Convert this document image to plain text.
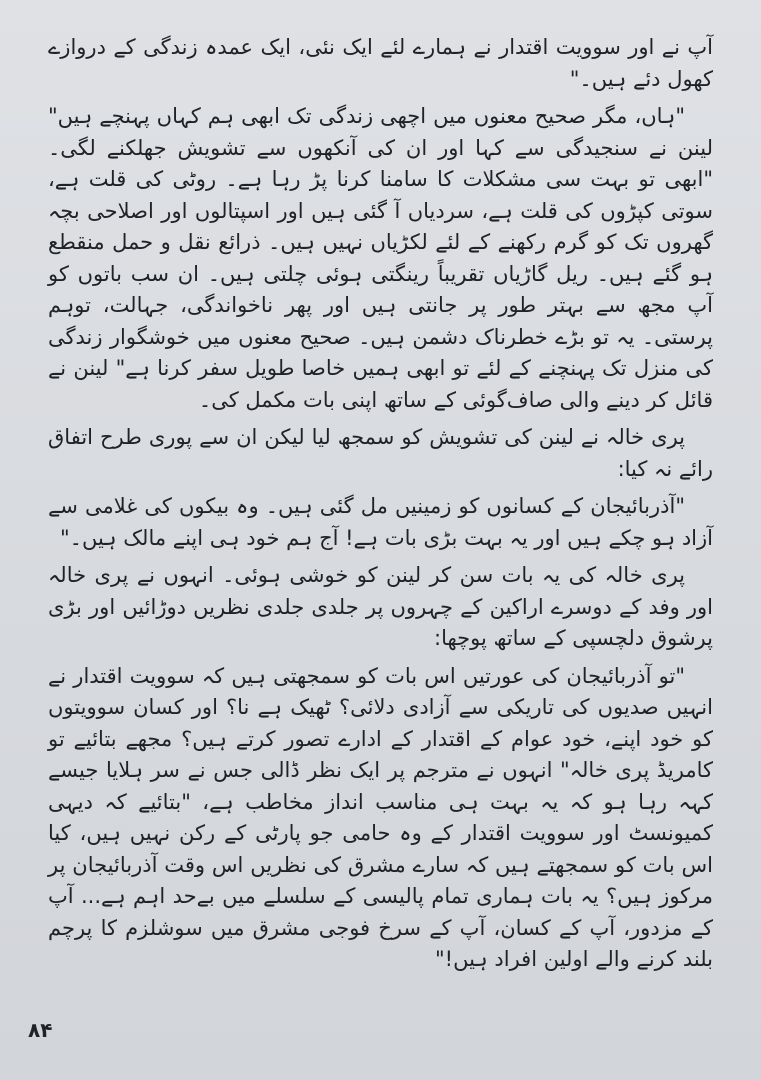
آپ نے اور سوویت اقتدار نے ہمارے لئے ایک نئی، ایک عمدہ زندگی کے دروازے کھول دئے ہیں۔"

"ہاں، مگر صحیح معنوں میں اچھی زندگی تک ابھی ہم کہاں پہنچے ہیں" لینن نے سنجیدگی سے کہا اور ان کی آنکھوں سے تشویش جھلکنے لگی۔ "ابھی تو بہت سی مشکلات کا سامنا کرنا پڑ رہا ہے۔ روٹی کی قلت ہے، سوتی کپڑوں کی قلت ہے، سردیاں آ گئی ہیں اور اسپتالوں اور اصلاحی بچہ گھروں تک کو گرم رکھنے کے لئے لکڑیاں نہیں ہیں۔ ذرائع نقل و حمل منقطع ہو گئے ہیں۔ ریل گاڑیاں تقریباً رینگتی ہوئی چلتی ہیں۔ ان سب باتوں کو آپ مجھ سے بہتر طور پر جانتی ہیں اور پھر ناخواندگی، جہالت، توہم پرستی۔ یہ تو بڑے خطرناک دشمن ہیں۔ صحیح معنوں میں خوشگوار زندگی کی منزل تک پہنچنے کے لئے تو ابھی ہمیں خاصا طویل سفر کرنا ہے" لینن نے قائل کر دینے والی صاف‌گوئی کے ساتھ اپنی بات مکمل کی۔

پری خالہ نے لینن کی تشویش کو سمجھ لیا لیکن ان سے پوری طرح اتفاق رائے نہ کیا:

"آذربائیجان کے کسانوں کو زمینیں مل گئی ہیں۔ وہ بیکوں کی غلامی سے آزاد ہو چکے ہیں اور یہ بہت بڑی بات ہے! آج ہم خود ہی اپنے مالک ہیں۔"

پری خالہ کی یہ بات سن کر لینن کو خوشی ہوئی۔ انہوں نے پری خالہ اور وفد کے دوسرے اراکین کے چہروں پر جلدی جلدی نظریں دوڑائیں اور بڑی پرشوق دلچسپی کے ساتھ پوچھا:

"تو آذربائیجان کی عورتیں اس بات کو سمجھتی ہیں کہ سوویت اقتدار نے انہیں صدیوں کی تاریکی سے آزادی دلائی؟ ٹھیک ہے نا؟ اور کسان سوویتوں کو خود اپنے، خود عوام کے اقتدار کے ادارے تصور کرتے ہیں؟ مجھے بتائیے تو کامریڈ پری خالہ" انہوں نے مترجم پر ایک نظر ڈالی جس نے سر ہلایا جیسے کہہ رہا ہو کہ یہ بہت ہی مناسب انداز مخاطب ہے، "بتائیے کہ دیہی کمیونسٹ اور سوویت اقتدار کے وہ حامی جو پارٹی کے رکن نہیں ہیں، کیا اس بات کو سمجھتے ہیں کہ سارے مشرق کی نظریں اس وقت آذربائیجان پر مرکوز ہیں؟ یہ بات ہماری تمام پالیسی کے سلسلے میں بےحد اہم ہے... آپ کے مزدور، آپ کے کسان، آپ کے سرخ فوجی مشرق میں سوشلزم کا پرچم بلند کرنے والے اولین افراد ہیں!"

۸۴
